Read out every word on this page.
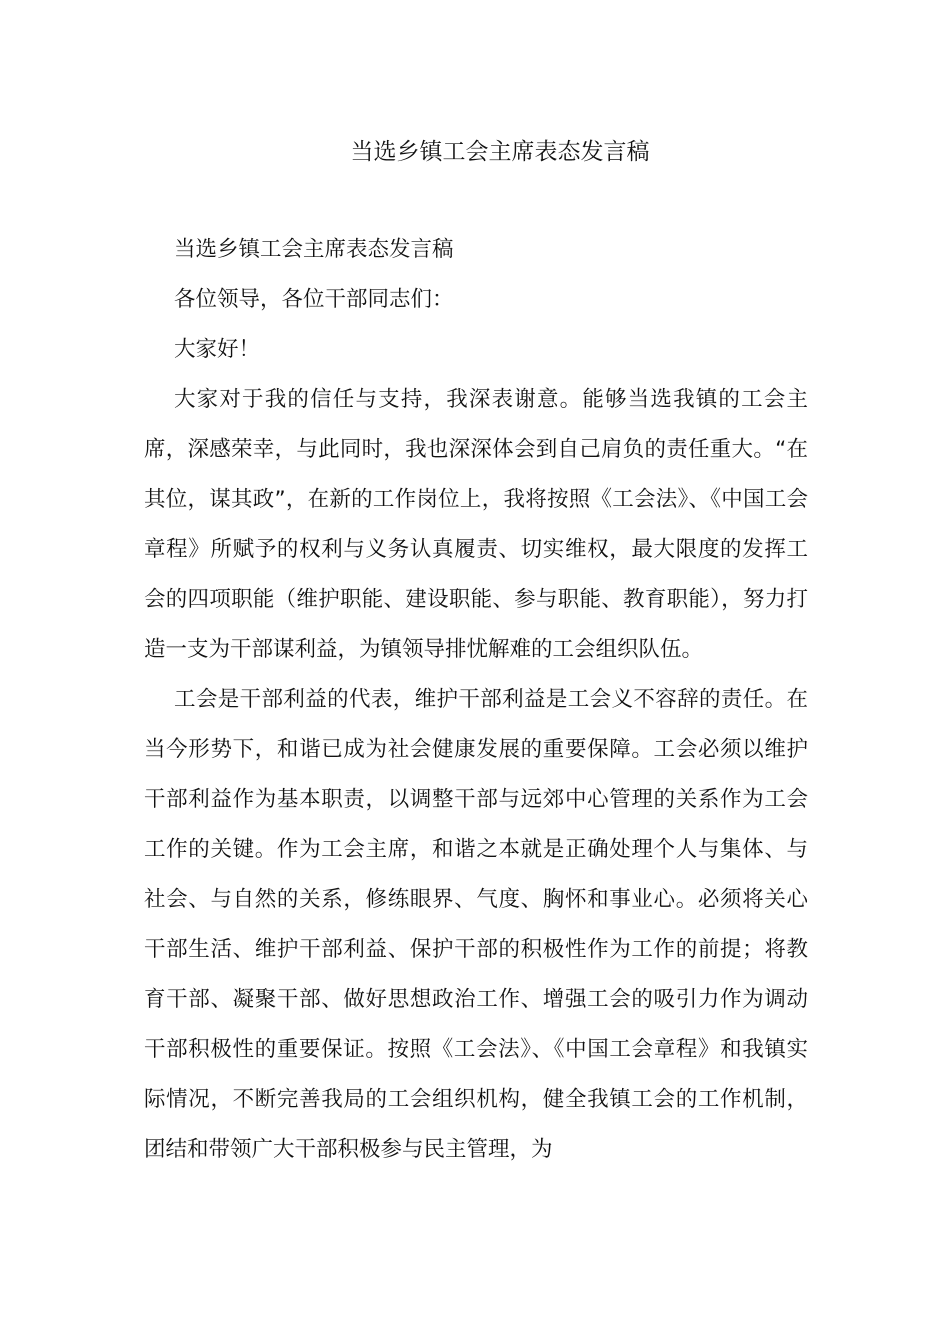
当选乡镇工会主席表态发言稿

当选乡镇工会主席表态发言稿

各位领导，各位干部同志们：

大家好！

大家对于我的信任与支持，我深表谢意。能够当选我镇的工会主席，深感荣幸，与此同时，我也深深体会到自己肩负的责任重大。“在其位，谋其政”，在新的工作岗位上，我将按照《工会法》、《中国工会章程》所赋予的权利与义务认真履责、切实维权，最大限度的发挥工会的四项职能（维护职能、建设职能、参与职能、教育职能），努力打造一支为干部谋利益，为镇领导排忧解难的工会组织队伍。

工会是干部利益的代表，维护干部利益是工会义不容辞的责任。在当今形势下，和谐已成为社会健康发展的重要保障。工会必须以维护干部利益作为基本职责，以调整干部与远郊中心管理的关系作为工会工作的关键。作为工会主席，和谐之本就是正确处理个人与集体、与社会、与自然的关系，修练眼界、气度、胸怀和事业心。必须将关心干部生活、维护干部利益、保护干部的积极性作为工作的前提；将教育干部、凝聚干部、做好思想政治工作、增强工会的吸引力作为调动干部积极性的重要保证。按照《工会法》、《中国工会章程》和我镇实际情况，不断完善我局的工会组织机构，健全我镇工会的工作机制，团结和带领广大干部积极参与民主管理，为
